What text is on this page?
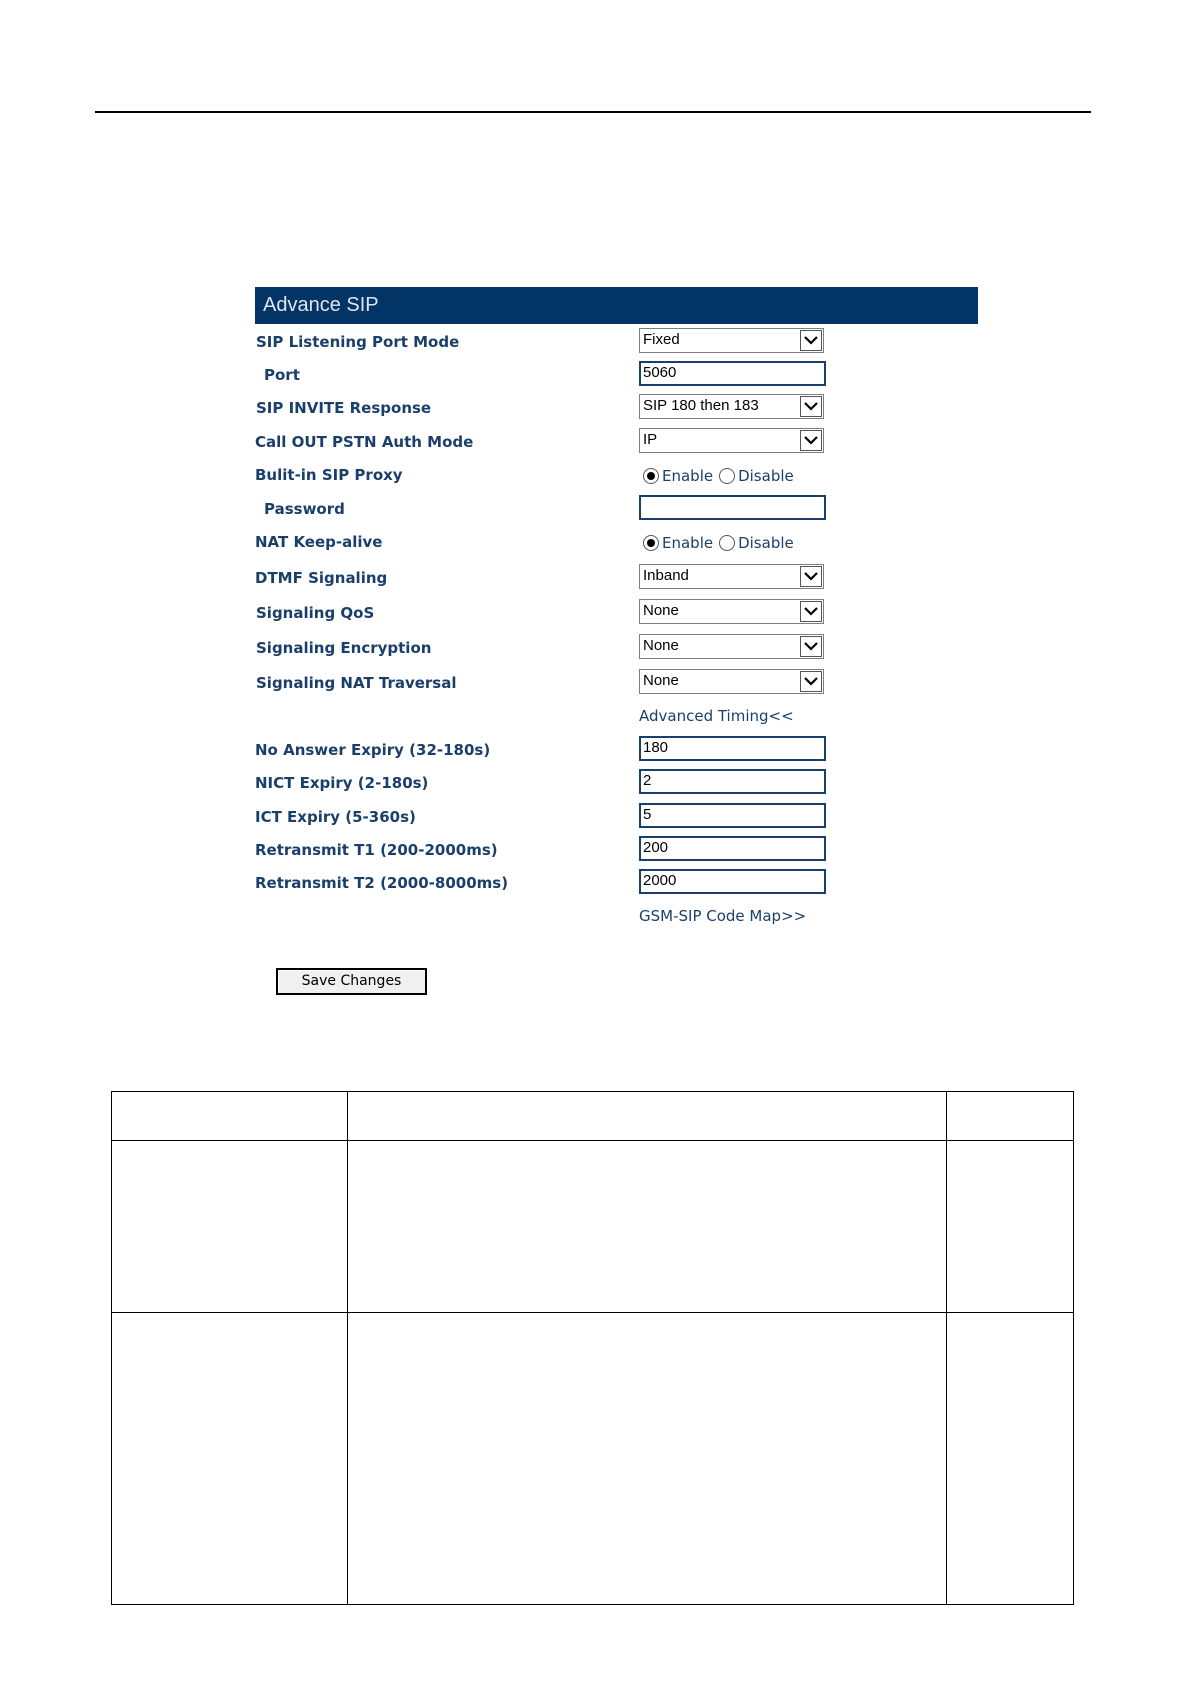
Advance SIP
SIP Listening Port Mode	Fixed
Port	5060
SIP INVITE Response	SIP 180 then 183
Call OUT PSTN Auth Mode	IP
Bulit-in SIP Proxy	Enable Disable
Password
NAT Keep-alive	Enable Disable
DTMF Signaling	Inband
Signaling QoS	None
Signaling Encryption	None
Signaling NAT Traversal	None
Advanced Timing<<
No Answer Expiry (32-180s)	180
NICT Expiry (2-180s)	2
ICT Expiry (5-360s)	5
Retransmit T1 (200-2000ms)	200
Retransmit T2 (2000-8000ms)	2000
GSM-SIP Code Map>>
Save Changes
